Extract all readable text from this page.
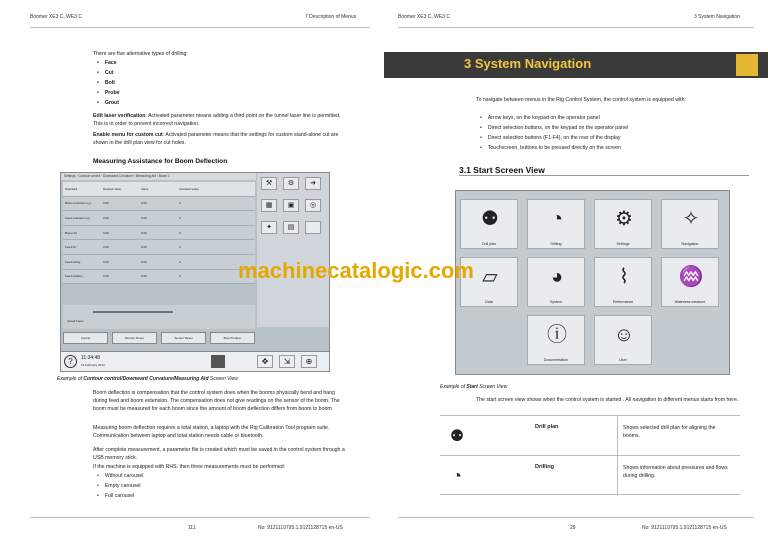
Boomer XE3 C, WE3 C	7 Description of Menus
There are five alternative types of drilling:
• Face
• Cut
• Bolt
• Probe
• Grout
Edit laser verification: Activated parameter means adding a third point on the tunnel laser line is permitted. This is in order to prevent incorrect navigation.
Enable menu for custom cut: Activated parameter means that the settings for custom stand-alone cut are shown in the drill plan view for cut holes.
Measuring Assistance for Boom Deflection
Settings › Contour control › Downward Curvature › Measuring Aid › Boom 1
Standard	Desired value	Value	Actuated value
Boom extension (y)	0.00	0.00	0
Feed extension (y)	0.00	0.00	0
Boom tilt	0.00	0.00	0
Feed tilt	0.00	0.00	0
Feed swing	0.00	0.00	0
Feed rotation	0.00	0.00	0
Actual boom
⚒	⚙	➔
▦	▣	◎
✦	▤
Cancel	Monitor Reset	Sensor Reset	Boot Position
?	11:34:48
13 February 2014	✥	⇲	⊕
Example of Contour control/Downward Curvature/Measuring Aid Screen View
Boom deflection is compensation that the control system does when the booms physically bend and hang during feed and boom extension. The compensation does not give readings on the sensor of the boom. The boom must be measured for each boom since the amount of boom deflection differs from boom to boom.
Measuring boom deflection requires a total station, a laptop with the Rig Calibration Tool program suite. Communication between laptop and total station needs cable or bluetooth.
After complete measurement, a parameter file is created which must be saved in the control system through a USB memory stick.
If the machine is equipped with RHS, then three measurements must be performed:
• Without carousel
• Empty carousel
• Full carousel
111	No: 9121110795.1.9121128715 en-US
Boomer XE3 C, WE3 C	3 System Navigation
3 System Navigation
To navigate between menus in the Rig Control System, the control system is equipped with:
• Arrow keys, on the keypad on the operator panel
• Direct selection buttons, on the keypad on the operator panel
• Direct selection buttons (F1-F4), on the rear of the display
• Touchscreen, buttons to be pressed directly on the screen
3.1 Start Screen View
Example of Start Screen View
The start screen view shows when the control system is started . All navigation to different menus starts from here.
29	No: 9121110795.1.9121128715 en-US
⚉
Drill plan
◔
Drilling
⚙
Settings
✧
Navigation
▱
Data
◕
System
⌇
Performance
♒
Waterless measure
ⓘ
Documentation
☺
User
⚉
Drill plan	Shows selected drill plan for aligning the booms.
◔
Drilling	Shows information about pressures and flows during drilling.
machinecatalogic.com
